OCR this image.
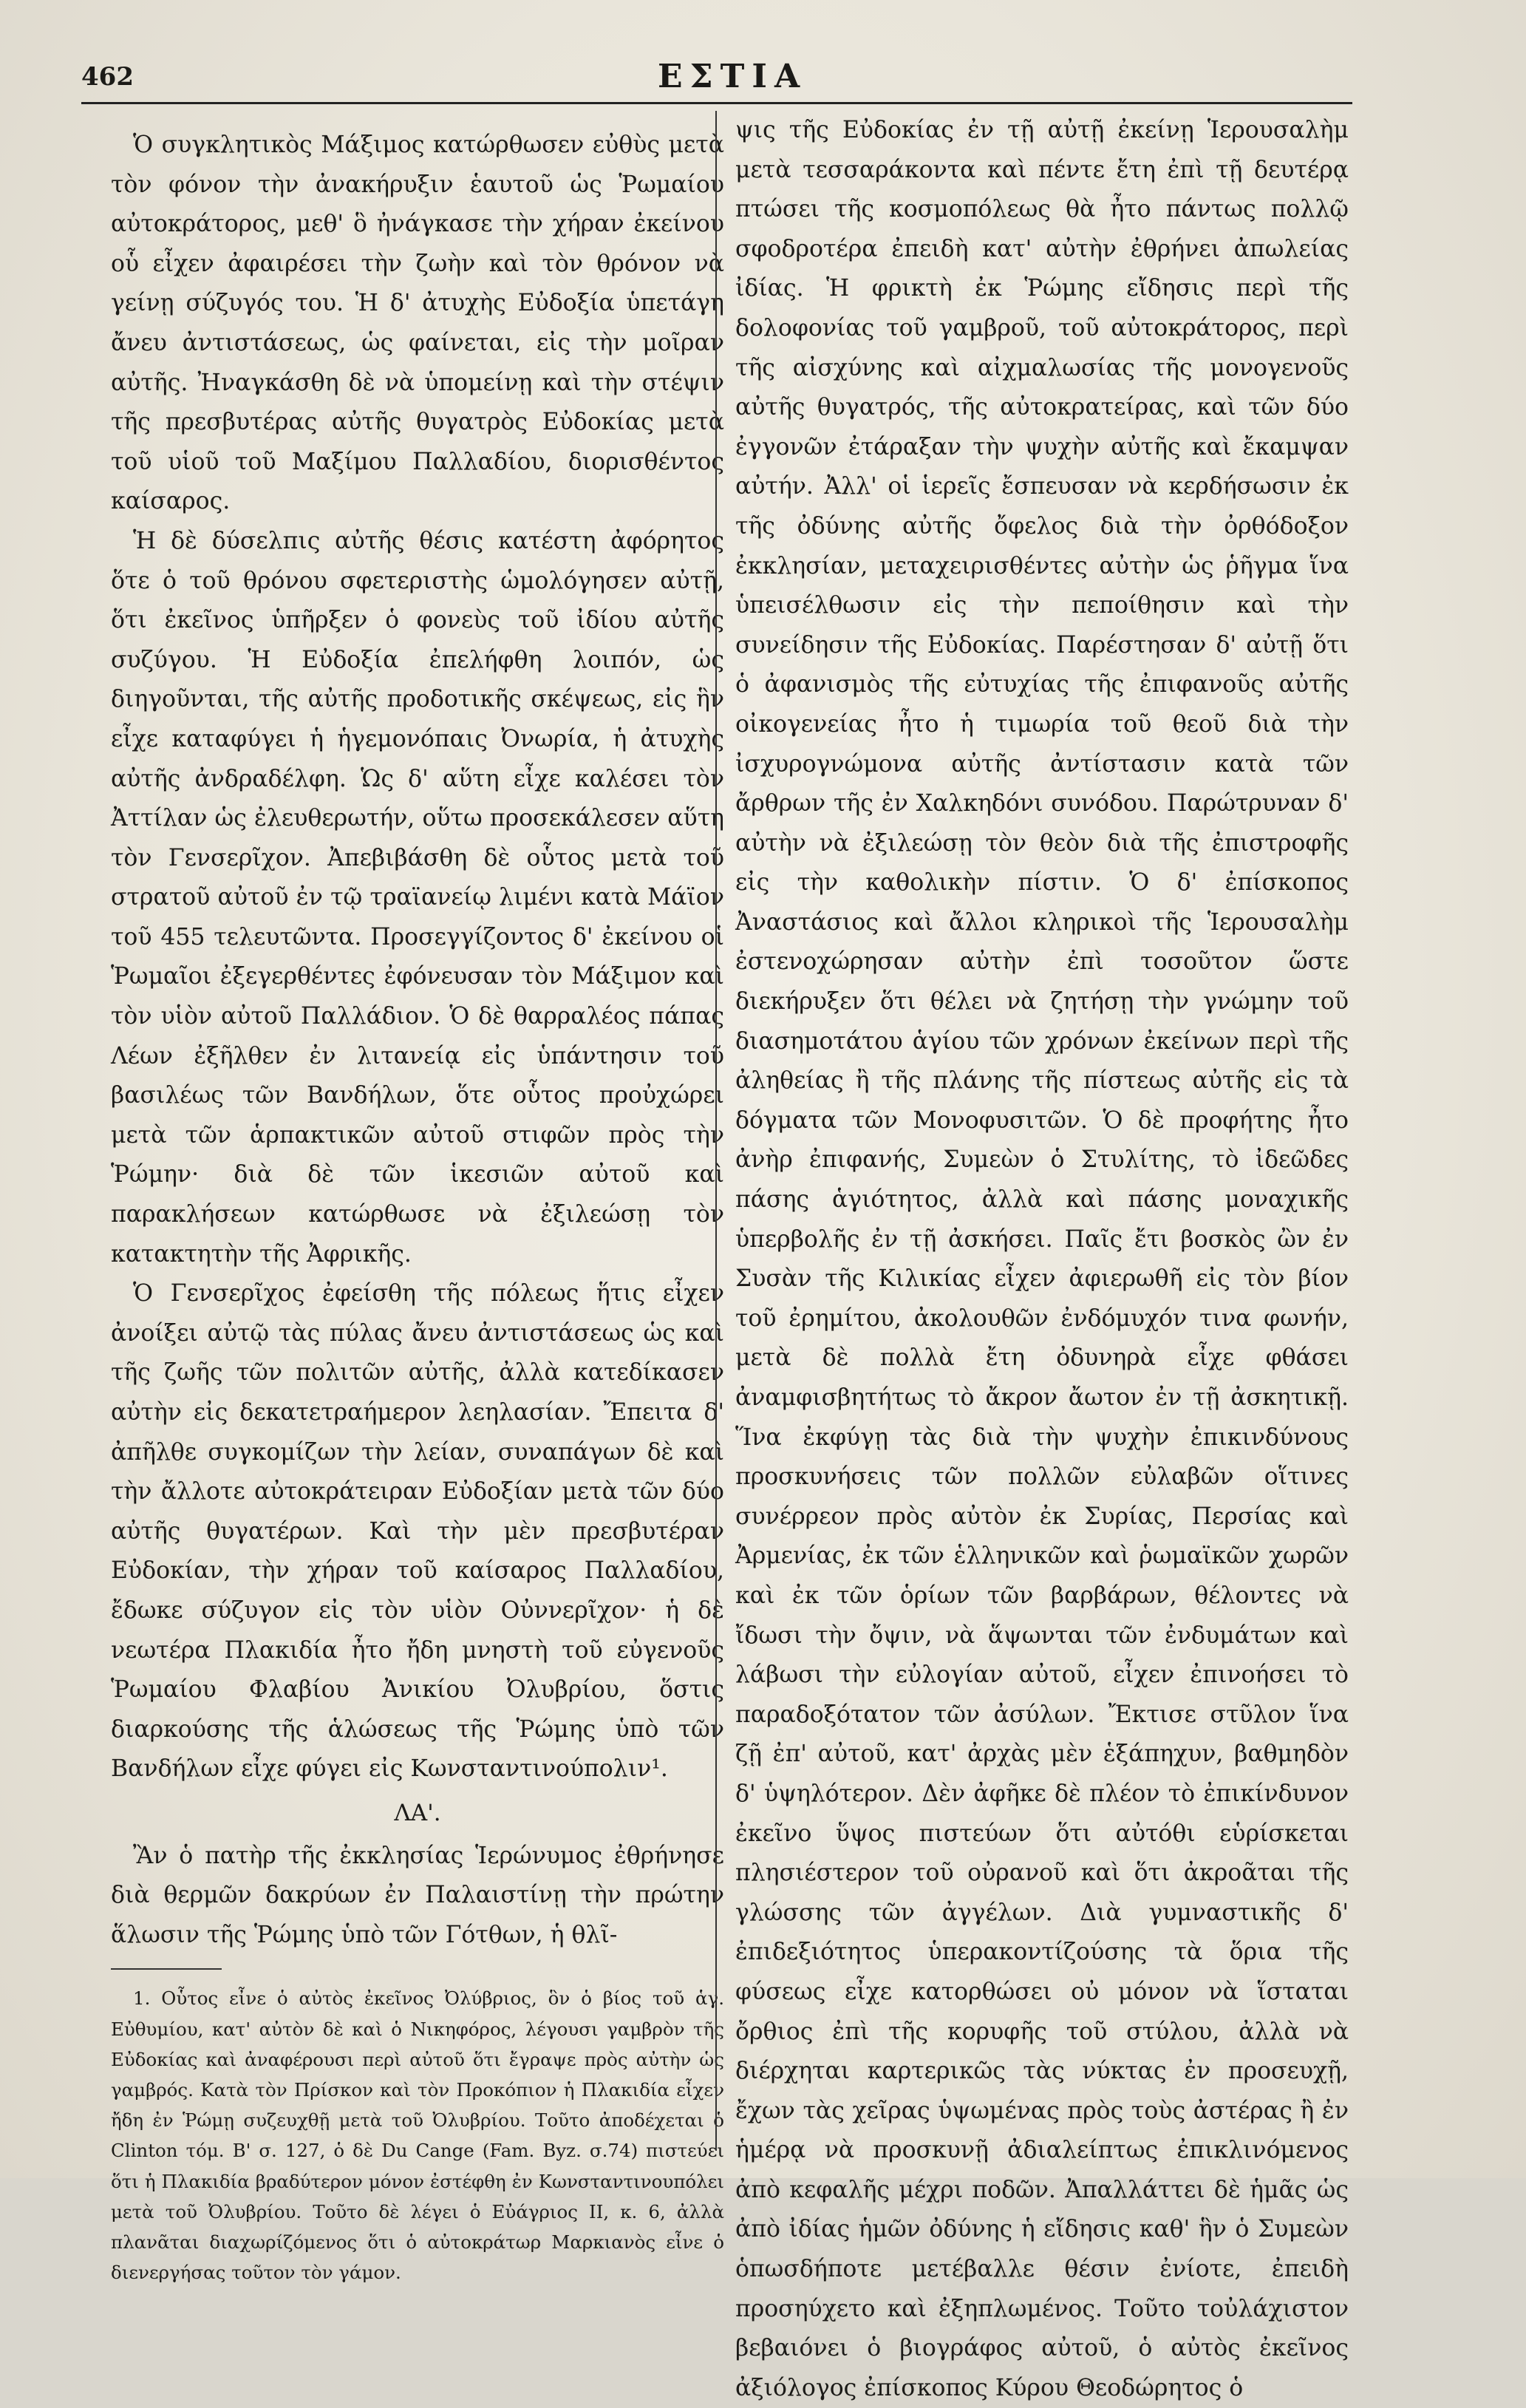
462	ΕΣΤΙΑ

Ὁ συγκλητικὸς Μάξιμος κατώρθωσεν εὐθὺς μετὰ τὸν φόνον τὴν ἀνακήρυξιν ἑαυτοῦ ὡς Ῥωμαίου αὐτοκράτορος, μεθ' ὃ ἠνάγκασε τὴν χήραν ἐκείνου οὗ εἶχεν ἀφαιρέσει τὴν ζωὴν καὶ τὸν θρόνον νὰ γείνῃ σύζυγός του. Ἡ δ' ἀτυχὴς Εὐδοξία ὑπετάγη ἄνευ ἀντιστάσεως, ὡς φαίνεται, εἰς τὴν μοῖραν αὐτῆς. Ἠναγκάσθη δὲ νὰ ὑπομείνῃ καὶ τὴν στέψιν τῆς πρεσβυτέρας αὐτῆς θυγατρὸς Εὐδοκίας μετὰ τοῦ υἱοῦ τοῦ Μαξίμου Παλλαδίου, διορισθέντος καίσαρος.

Ἡ δὲ δύσελπις αὐτῆς θέσις κατέστη ἀφόρητος ὅτε ὁ τοῦ θρόνου σφετεριστὴς ὡμολόγησεν αὐτῇ, ὅτι ἐκεῖνος ὑπῆρξεν ὁ φονεὺς τοῦ ἰδίου αὐτῆς συζύγου. Ἡ Εὐδοξία ἐπελήφθη λοιπόν, ὡς διηγοῦνται, τῆς αὐτῆς προδοτικῆς σκέψεως, εἰς ἣν εἶχε καταφύγει ἡ ἡγεμονόπαις Ὀνωρία, ἡ ἀτυχὴς αὐτῆς ἀνδραδέλφη. Ὡς δ' αὕτη εἶχε καλέσει τὸν Ἀττίλαν ὡς ἐλευθερωτήν, οὕτω προσεκάλεσεν αὕτη τὸν Γενσερῖχον. Ἀπεβιβάσθη δὲ οὗτος μετὰ τοῦ στρατοῦ αὐτοῦ ἐν τῷ τραϊανείῳ λιμένι κατὰ Μάϊον τοῦ 455 τελευτῶντα. Προσεγγίζοντος δ' ἐκείνου οἱ Ῥωμαῖοι ἐξεγερθέντες ἐφόνευσαν τὸν Μάξιμον καὶ τὸν υἱὸν αὐτοῦ Παλλάδιον. Ὁ δὲ θαρραλέος πάπας Λέων ἐξῆλθεν ἐν λιτανείᾳ εἰς ὑπάντησιν τοῦ βασιλέως τῶν Βανδήλων, ὅτε οὗτος προὐχώρει μετὰ τῶν ἁρπακτικῶν αὐτοῦ στιφῶν πρὸς τὴν Ῥώμην· διὰ δὲ τῶν ἱκεσιῶν αὐτοῦ καὶ παρακλήσεων κατώρθωσε νὰ ἐξιλεώσῃ τὸν κατακτητὴν τῆς Ἀφρικῆς.

Ὁ Γενσερῖχος ἐφείσθη τῆς πόλεως ἥτις εἶχεν ἀνοίξει αὐτῷ τὰς πύλας ἄνευ ἀντιστάσεως ὡς καὶ τῆς ζωῆς τῶν πολιτῶν αὐτῆς, ἀλλὰ κατεδίκασεν αὐτὴν εἰς δεκατετραήμερον λεηλασίαν. Ἔπειτα δ' ἀπῆλθε συγκομίζων τὴν λείαν, συναπάγων δὲ καὶ τὴν ἄλλοτε αὐτοκράτειραν Εὐδοξίαν μετὰ τῶν δύο αὐτῆς θυγατέρων. Καὶ τὴν μὲν πρεσβυτέραν Εὐδοκίαν, τὴν χήραν τοῦ καίσαρος Παλλαδίου, ἔδωκε σύζυγον εἰς τὸν υἱὸν Οὐννερῖχον· ἡ δὲ νεωτέρα Πλακιδία ἦτο ἤδη μνηστὴ τοῦ εὐγενοῦς Ῥωμαίου Φλαβίου Ἀνικίου Ὀλυβρίου, ὅστις διαρκούσης τῆς ἁλώσεως τῆς Ῥώμης ὑπὸ τῶν Βανδήλων εἶχε φύγει εἰς Κωνσταντινούπολιν¹.

ΛΑ'.

Ἂν ὁ πατὴρ τῆς ἐκκλησίας Ἱερώνυμος ἐθρήνησε διὰ θερμῶν δακρύων ἐν Παλαιστίνῃ τὴν πρώτην ἅλωσιν τῆς Ῥώμης ὑπὸ τῶν Γότθων, ἡ θλῖ-

1. Οὗτος εἶνε ὁ αὐτὸς ἐκεῖνος Ὀλύβριος, ὃν ὁ βίος τοῦ ἁγ. Εὐθυμίου, κατ' αὐτὸν δὲ καὶ ὁ Νικηφόρος, λέγουσι γαμβρὸν τῆς Εὐδοκίας καὶ ἀναφέρουσι περὶ αὐτοῦ ὅτι ἔγραψε πρὸς αὐτὴν ὡς γαμβρός. Κατὰ τὸν Πρίσκον καὶ τὸν Προκόπιον ἡ Πλακιδία εἶχεν ἤδη ἐν Ῥώμῃ συζευχθῇ μετὰ τοῦ Ὀλυβρίου. Τοῦτο ἀποδέχεται ὁ Clinton τόμ. Β' σ. 127, ὁ δὲ Du Cange (Fam. Byz. σ.74) πιστεύει ὅτι ἡ Πλακιδία βραδύτερον μόνον ἐστέφθη ἐν Κωνσταντινουπόλει μετὰ τοῦ Ὀλυβρίου. Τοῦτο δὲ λέγει ὁ Εὐάγριος II, κ. 6, ἀλλὰ πλανᾶται διαχωρίζόμενος ὅτι ὁ αὐτοκράτωρ Μαρκιανὸς εἶνε ὁ διενεργήσας τοῦτον τὸν γάμον.

ψις τῆς Εὐδοκίας ἐν τῇ αὐτῇ ἐκείνῃ Ἱερουσαλὴμ μετὰ τεσσαράκοντα καὶ πέντε ἔτη ἐπὶ τῇ δευτέρᾳ πτώσει τῆς κοσμοπόλεως θὰ ἦτο πάντως πολλῷ σφοδροτέρα ἐπειδὴ κατ' αὐτὴν ἐθρήνει ἀπωλείας ἰδίας. Ἡ φρικτὴ ἐκ Ῥώμης εἴδησις περὶ τῆς δολοφονίας τοῦ γαμβροῦ, τοῦ αὐτοκράτορος, περὶ τῆς αἰσχύνης καὶ αἰχμαλωσίας τῆς μονογενοῦς αὐτῆς θυγατρός, τῆς αὐτοκρατείρας, καὶ τῶν δύο ἐγγονῶν ἐτάραξαν τὴν ψυχὴν αὐτῆς καὶ ἔκαμψαν αὐτήν. Ἀλλ' οἱ ἱερεῖς ἔσπευσαν νὰ κερδήσωσιν ἐκ τῆς ὀδύνης αὐτῆς ὄφελος διὰ τὴν ὀρθόδοξον ἐκκλησίαν, μεταχειρισθέντες αὐτὴν ὡς ῥῆγμα ἵνα ὑπεισέλθωσιν εἰς τὴν πεποίθησιν καὶ τὴν συνείδησιν τῆς Εὐδοκίας. Παρέστησαν δ' αὐτῇ ὅτι ὁ ἀφανισμὸς τῆς εὐτυχίας τῆς ἐπιφανοῦς αὐτῆς οἰκογενείας ἦτο ἡ τιμωρία τοῦ θεοῦ διὰ τὴν ἰσχυρογνώμονα αὐτῆς ἀντίστασιν κατὰ τῶν ἄρθρων τῆς ἐν Χαλκηδόνι συνόδου. Παρώτρυναν δ' αὐτὴν νὰ ἐξιλεώσῃ τὸν θεὸν διὰ τῆς ἐπιστροφῆς εἰς τὴν καθολικὴν πίστιν. Ὁ δ' ἐπίσκοπος Ἀναστάσιος καὶ ἄλλοι κληρικοὶ τῆς Ἱερουσαλὴμ ἐστενοχώρησαν αὐτὴν ἐπὶ τοσοῦτον ὥστε διεκήρυξεν ὅτι θέλει νὰ ζητήσῃ τὴν γνώμην τοῦ διασημοτάτου ἁγίου τῶν χρόνων ἐκείνων περὶ τῆς ἀληθείας ἢ τῆς πλάνης τῆς πίστεως αὐτῆς εἰς τὰ δόγματα τῶν Μονοφυσιτῶν. Ὁ δὲ προφήτης ἦτο ἀνὴρ ἐπιφανής, Συμεὼν ὁ Στυλίτης, τὸ ἰδεῶδες πάσης ἁγιότητος, ἀλλὰ καὶ πάσης μοναχικῆς ὑπερβολῆς ἐν τῇ ἀσκήσει. Παῖς ἔτι βοσκὸς ὢν ἐν Συσὰν τῆς Κιλικίας εἶχεν ἀφιερωθῆ εἰς τὸν βίον τοῦ ἐρημίτου, ἀκολουθῶν ἐνδόμυχόν τινα φωνήν, μετὰ δὲ πολλὰ ἔτη ὀδυνηρὰ εἶχε φθάσει ἀναμφισβητήτως τὸ ἄκρον ἄωτον ἐν τῇ ἀσκητικῇ. Ἵνα ἐκφύγῃ τὰς διὰ τὴν ψυχὴν ἐπικινδύνους προσκυνήσεις τῶν πολλῶν εὐλαβῶν οἵτινες συνέρρεον πρὸς αὐτὸν ἐκ Συρίας, Περσίας καὶ Ἀρμενίας, ἐκ τῶν ἑλληνικῶν καὶ ῥωμαϊκῶν χωρῶν καὶ ἐκ τῶν ὁρίων τῶν βαρβάρων, θέλοντες νὰ ἴδωσι τὴν ὄψιν, νὰ ἅψωνται τῶν ἐνδυμάτων καὶ λάβωσι τὴν εὐλογίαν αὐτοῦ, εἶχεν ἐπινοήσει τὸ παραδοξότατον τῶν ἀσύλων. Ἔκτισε στῦλον ἵνα ζῇ ἐπ' αὐτοῦ, κατ' ἀρχὰς μὲν ἑξάπηχυν, βαθμηδὸν δ' ὑψηλότερον. Δὲν ἀφῆκε δὲ πλέον τὸ ἐπικίνδυνον ἐκεῖνο ὕψος πιστεύων ὅτι αὐτόθι εὑρίσκεται πλησιέστερον τοῦ οὐρανοῦ καὶ ὅτι ἀκροᾶται τῆς γλώσσης τῶν ἀγγέλων. Διὰ γυμναστικῆς δ' ἐπιδεξιότητος ὑπερακοντίζούσης τὰ ὅρια τῆς φύσεως εἶχε κατορθώσει οὐ μόνον νὰ ἵσταται ὄρθιος ἐπὶ τῆς κορυφῆς τοῦ στύλου, ἀλλὰ νὰ διέρχηται καρτερικῶς τὰς νύκτας ἐν προσευχῇ, ἔχων τὰς χεῖρας ὑψωμένας πρὸς τοὺς ἀστέρας ἢ ἐν ἡμέρᾳ νὰ προσκυνῇ ἀδιαλείπτως ἐπικλινόμενος ἀπὸ κεφαλῆς μέχρι ποδῶν. Ἀπαλλάττει δὲ ἡμᾶς ὡς ἀπὸ ἰδίας ἡμῶν ὀδύνης ἡ εἴδησις καθ' ἣν ὁ Συμεὼν ὁπωσδήποτε μετέβαλλε θέσιν ἐνίοτε, ἐπειδὴ προσηύχετο καὶ ἐξηπλωμένος. Τοῦτο τοὐλάχιστον βεβαιόνει ὁ βιογράφος αὐτοῦ, ὁ αὐτὸς ἐκεῖνος ἀξιόλογος ἐπίσκοπος Κύρου Θεοδώρητος ὁ
